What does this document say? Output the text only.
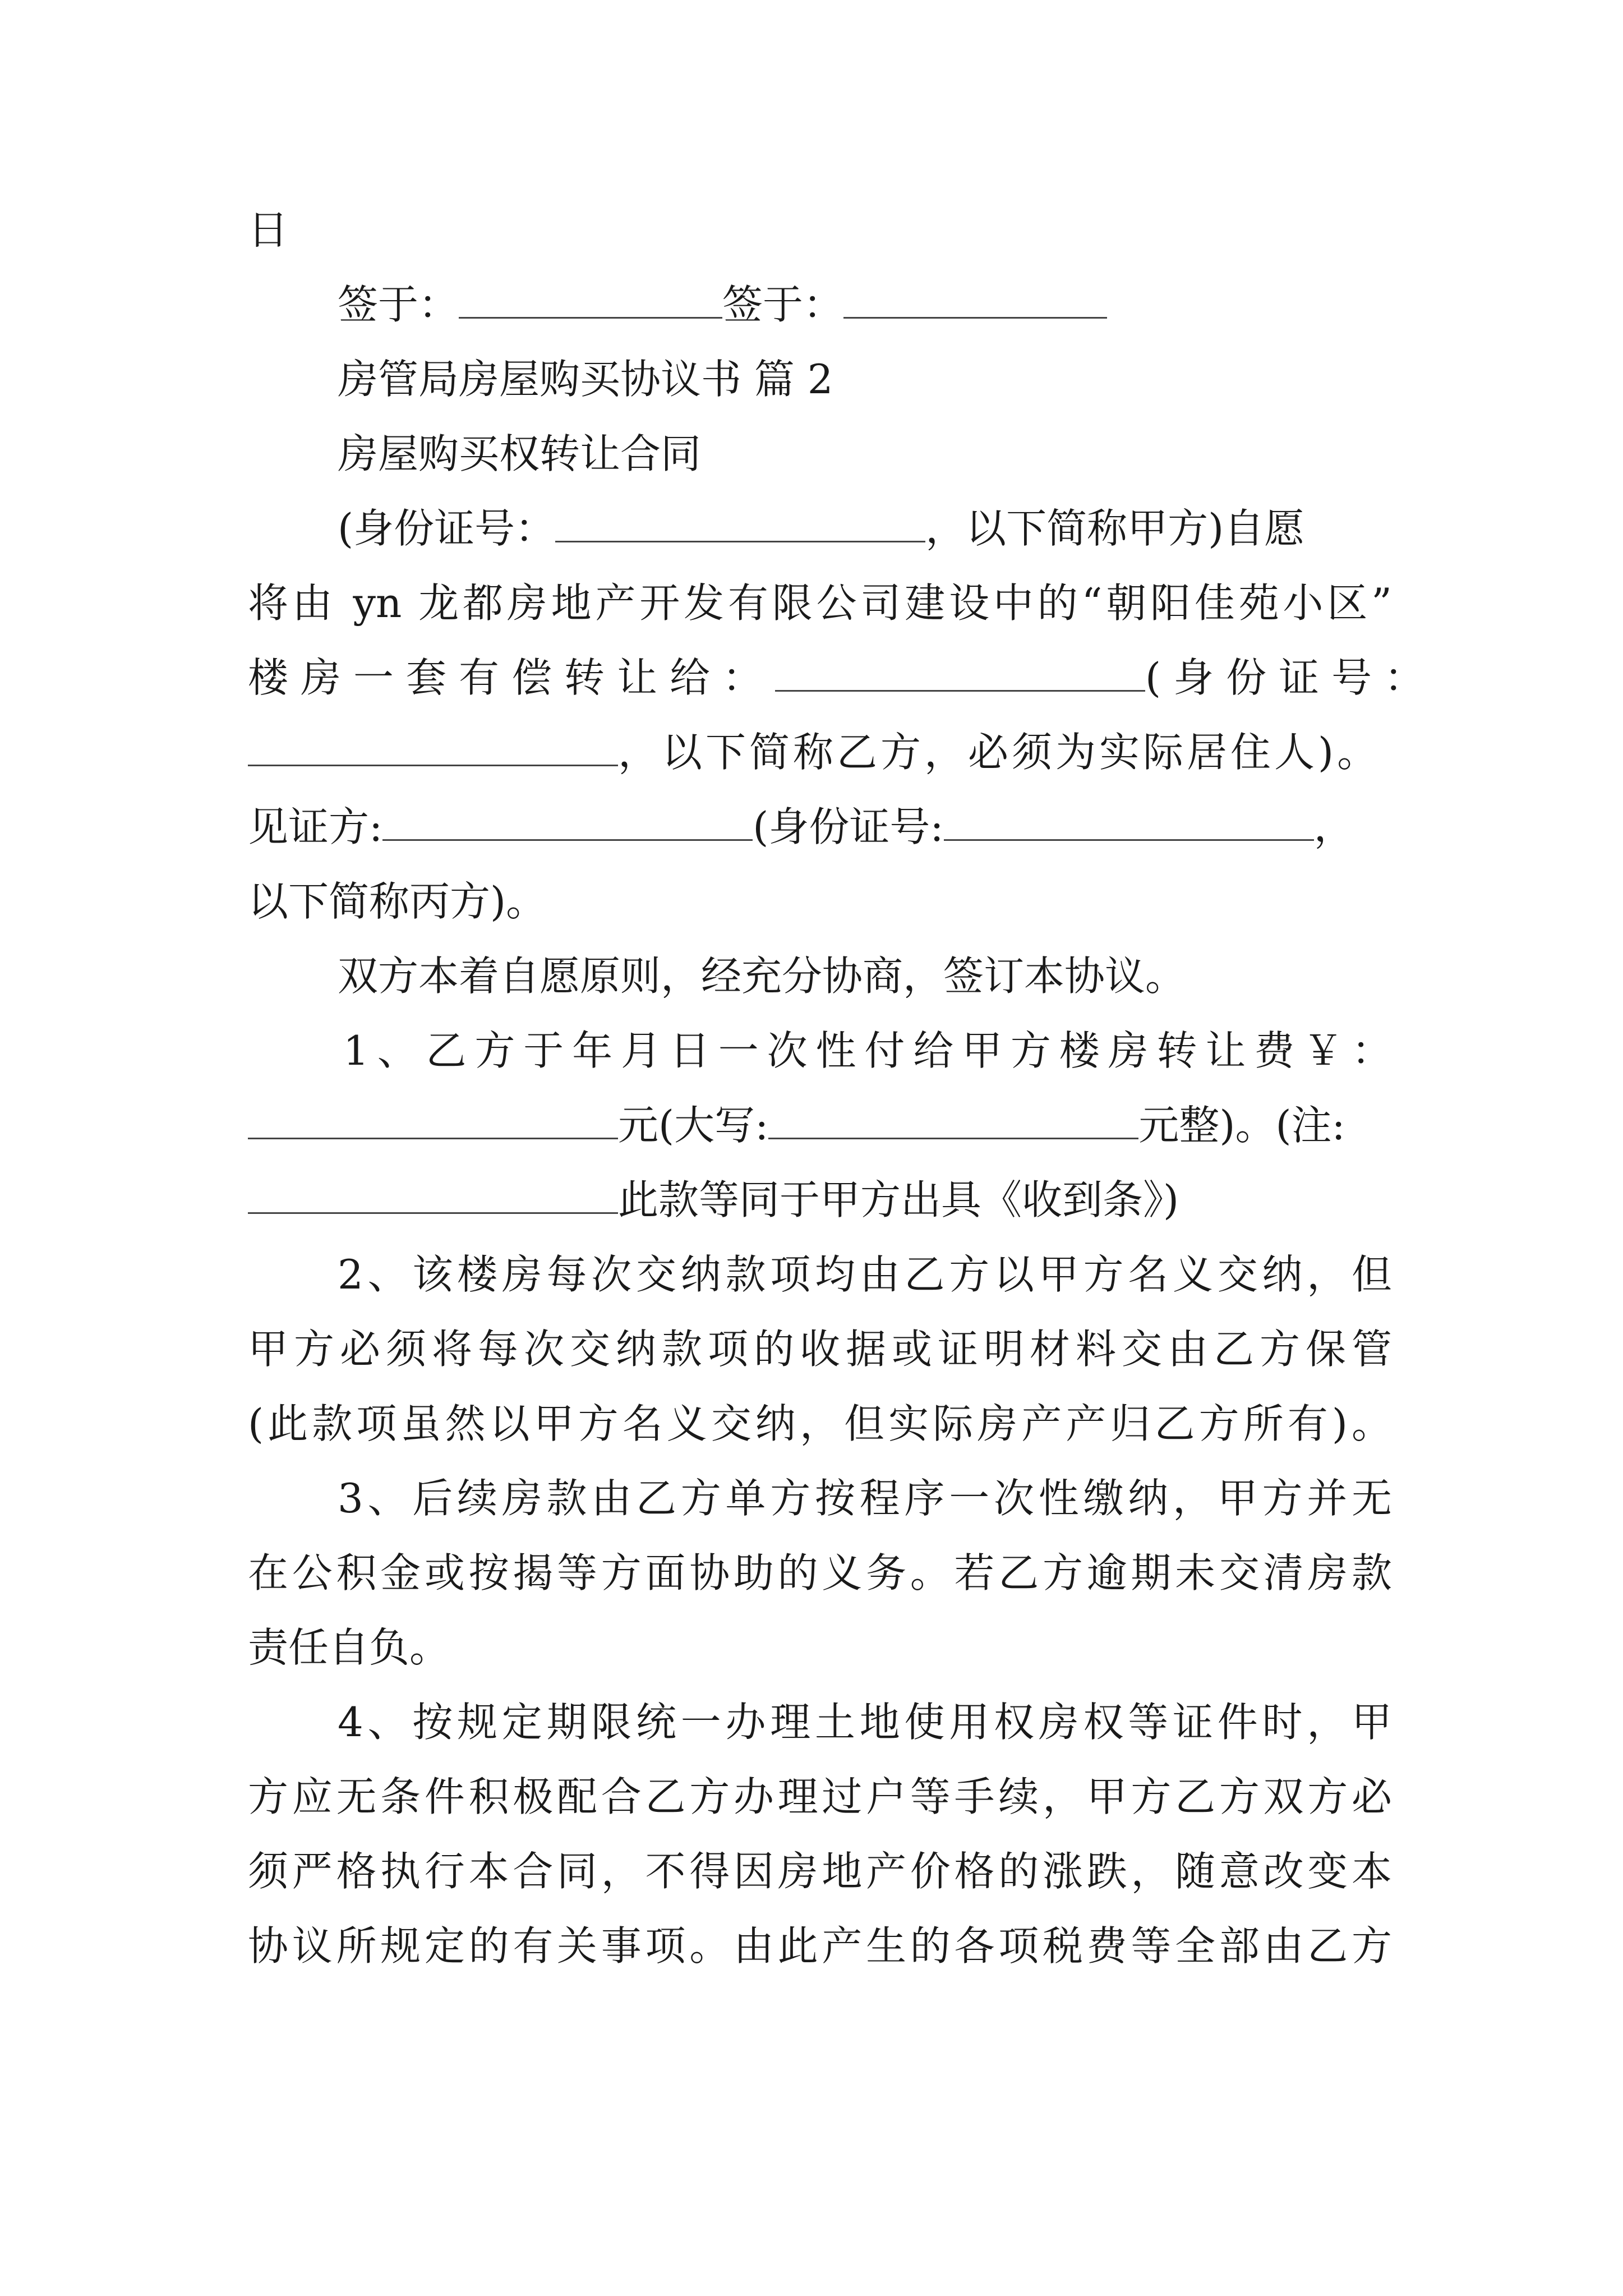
日
签于：	签于：
房管局房屋购买协议书 篇 2
房屋购买权转让合同
(身份证号：	，以下简称甲方)自愿
将由 yn 龙都房地产开发有限公司建设中的“朝阳佳苑小区”
楼房一套有偿转让给：	(身份证号：
，以下简称乙方，必须为实际居住人)。
见证方:	(身份证号:	，
以下简称丙方)。
双方本着自愿原则，经充分协商，签订本协议。
1、乙方于年月日一次性付给甲方楼房转让费￥：
元(大写:	元整)。(注:
此款等同于甲方出具《收到条》)
2、该楼房每次交纳款项均由乙方以甲方名义交纳，但
甲方必须将每次交纳款项的收据或证明材料交由乙方保管
(此款项虽然以甲方名义交纳，但实际房产产归乙方所有)。
3、后续房款由乙方单方按程序一次性缴纳，甲方并无
在公积金或按揭等方面协助的义务。若乙方逾期未交清房款
责任自负。
4、按规定期限统一办理土地使用权房权等证件时，甲
方应无条件积极配合乙方办理过户等手续，甲方乙方双方必
须严格执行本合同，不得因房地产价格的涨跌，随意改变本
协议所规定的有关事项。由此产生的各项税费等全部由乙方
